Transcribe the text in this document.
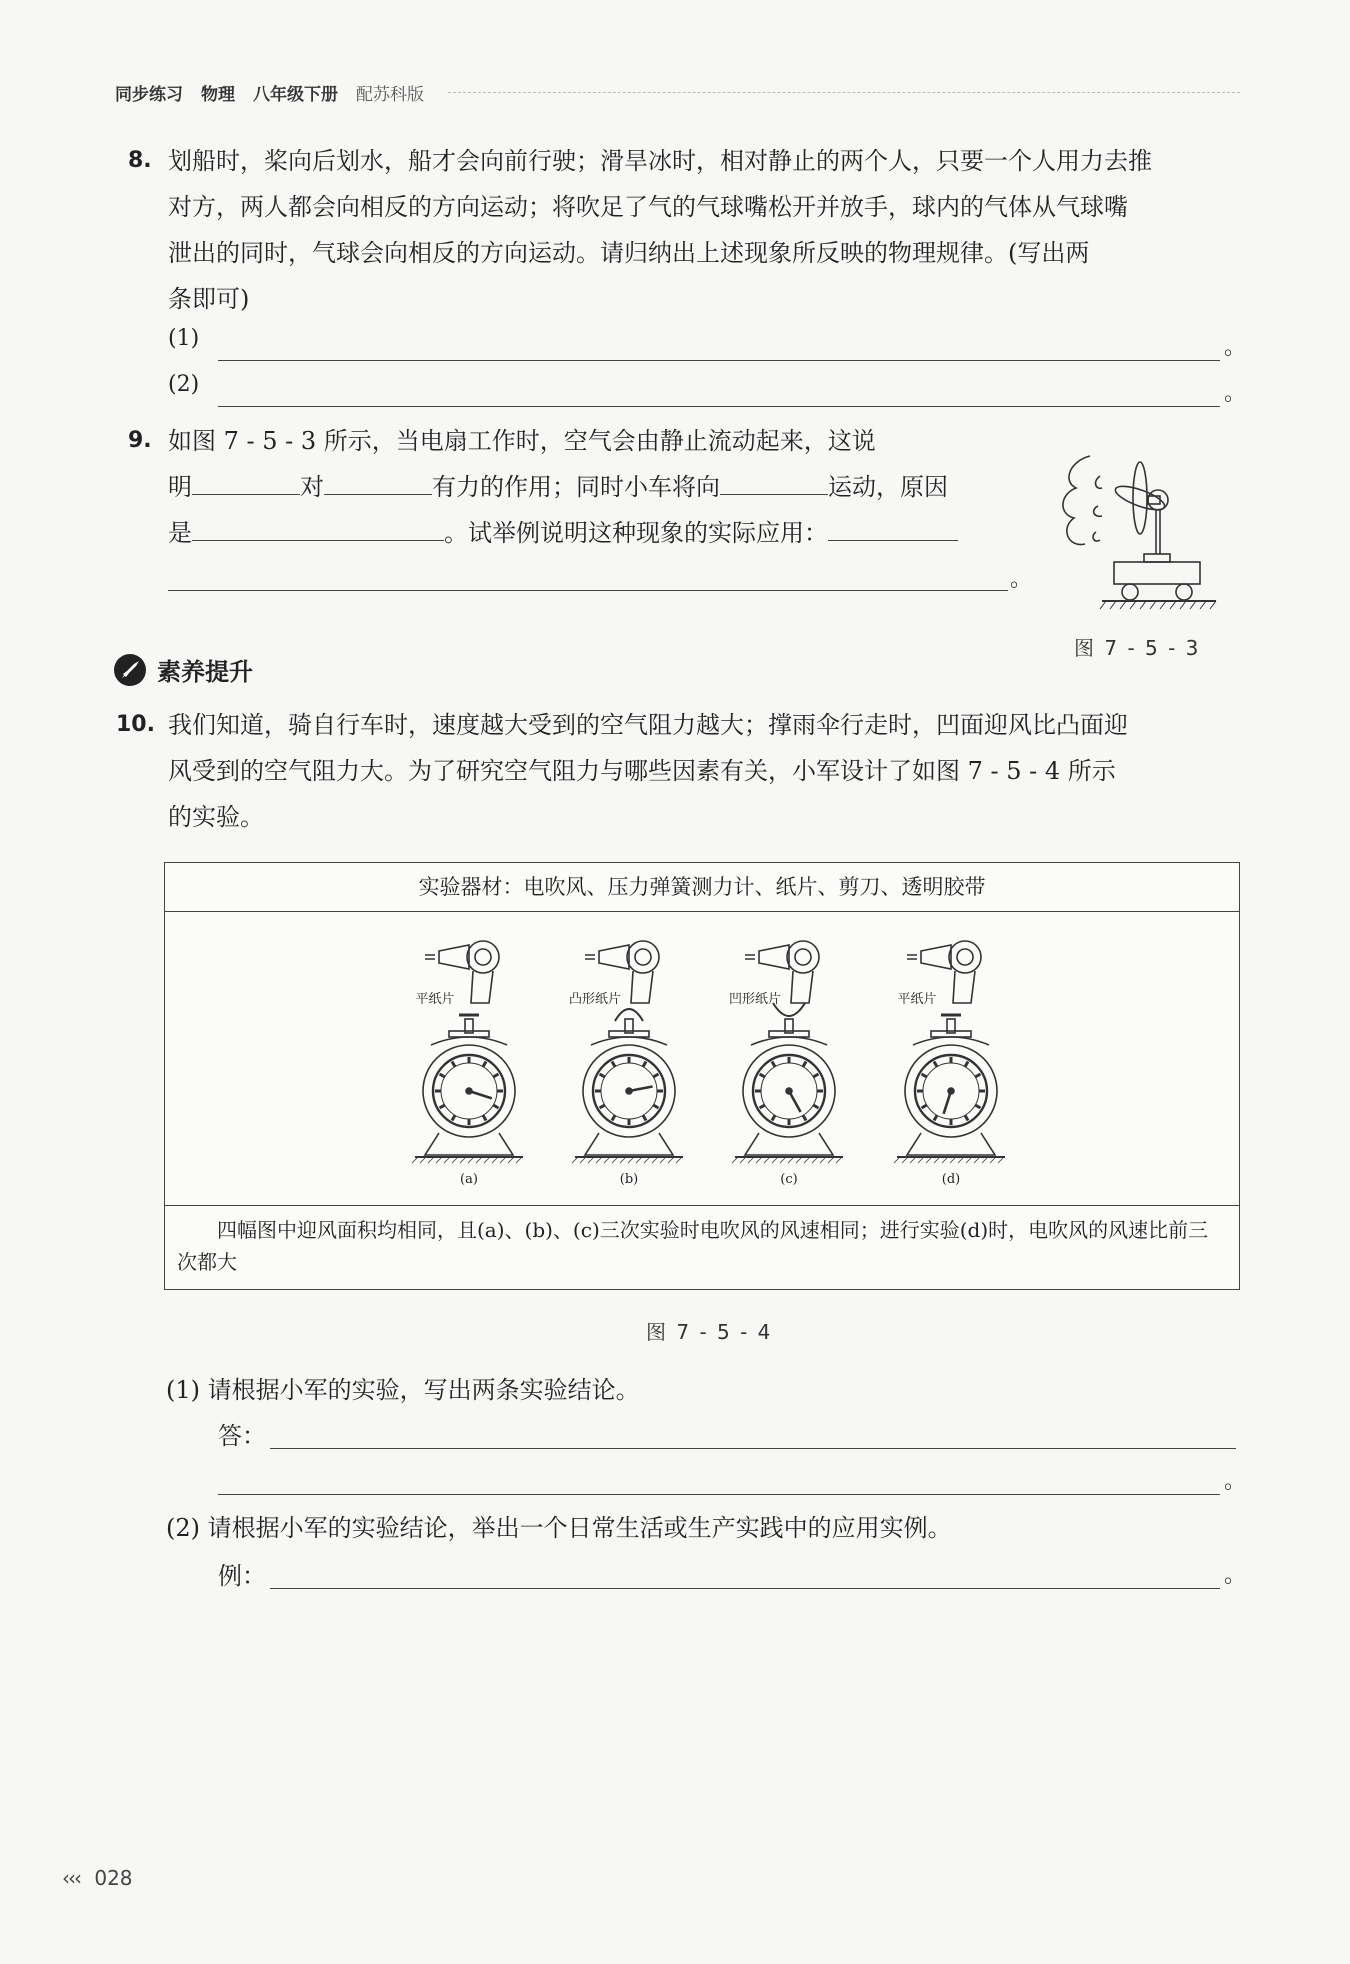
同步练习 物理 八年级下册 配苏科版
8. 划船时，桨向后划水，船才会向前行驶；滑旱冰时，相对静止的两个人，只要一个人用力去推
对方，两人都会向相反的方向运动；将吹足了气的气球嘴松开并放手，球内的气体从气球嘴
泄出的同时，气球会向相反的方向运动。请归纳出上述现象所反映的物理规律。(写出两
条即可)
(1)	。
(2)	。
9. 如图 7 - 5 - 3 所示，当电扇工作时，空气会由静止流动起来，这说
明	对	有力的作用；同时小车将向	运动，原因
是	。试举例说明这种现象的实际应用：
。
图 7 - 5 - 3
素养提升
10. 我们知道，骑自行车时，速度越大受到的空气阻力越大；撑雨伞行走时，凹面迎风比凸面迎
风受到的空气阻力大。为了研究空气阻力与哪些因素有关，小军设计了如图 7 - 5 - 4 所示
的实验。
实验器材：电吹风、压力弹簧测力计、纸片、剪刀、透明胶带
平纸片
(a)
凸形纸片
(b)
凹形纸片
(c)
平纸片
(d)
四幅图中迎风面积均相同，且(a)、(b)、(c)三次实验时电吹风的风速相同；进行实验(d)时，电吹风的风速比前三次都大
图 7 - 5 - 4
(1) 请根据小军的实验，写出两条实验结论。
答：
。
(2) 请根据小军的实验结论，举出一个日常生活或生产实践中的应用实例。
例：	。
‹‹‹ 028
